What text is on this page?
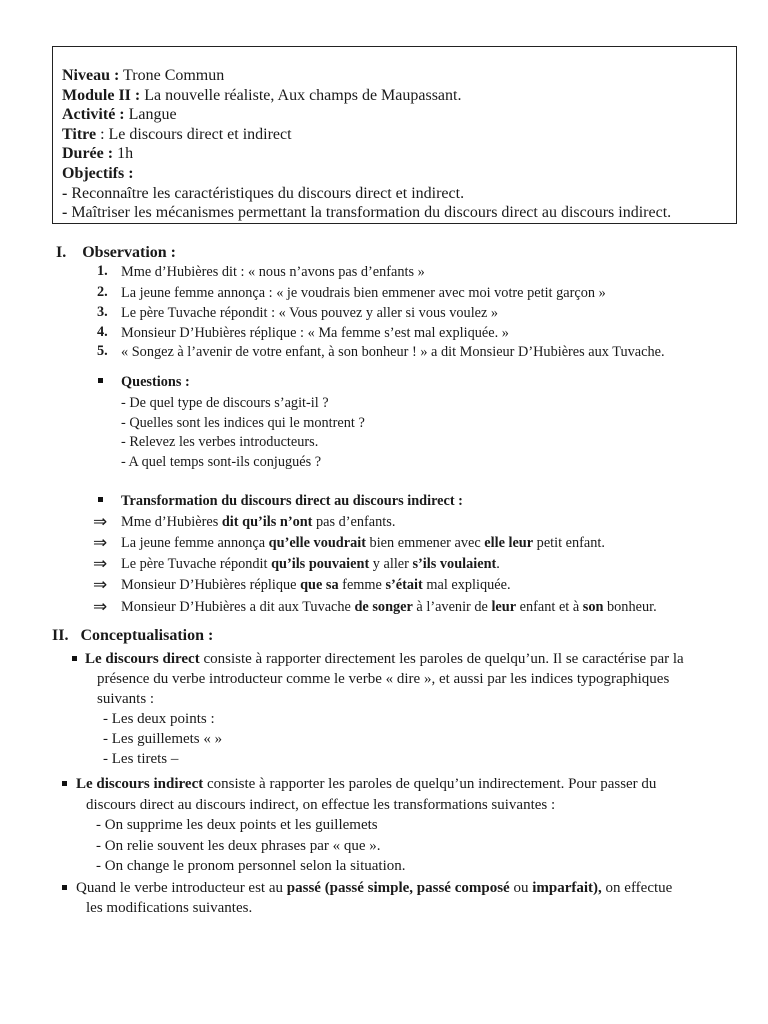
Niveau : Trone Commun
Module II : La nouvelle réaliste, Aux champs de Maupassant.
Activité : Langue
Titre : Le discours direct et indirect
Durée : 1h
Objectifs :
- Reconnaître les caractéristiques du discours direct et indirect.
- Maîtriser les mécanismes permettant la transformation du discours direct au discours indirect.
I. Observation :
1. Mme d’Hubières dit : « nous n’avons pas d’enfants »
2. La jeune femme annonça : « je voudrais bien emmener avec moi votre petit garçon »
3. Le père Tuvache répondit : « Vous pouvez y aller si vous voulez »
4. Monsieur D’Hubières réplique : « Ma femme s’est mal expliquée. »
5. « Songez à l’avenir de votre enfant, à son bonheur ! » a dit Monsieur D’Hubières aux Tuvache.
Questions :
- De quel type de discours s’agit-il ?
- Quelles sont les indices qui le montrent ?
- Relevez les verbes introducteurs.
- A quel temps sont-ils conjugués ?
Transformation du discours direct au discours indirect :
⇒ Mme d’Hubières dit qu’ils n’ont pas d’enfants.
⇒ La jeune femme annonça qu’elle voudrait bien emmener avec elle leur petit enfant.
⇒ Le père Tuvache répondit qu’ils pouvaient y aller s’ils voulaient.
⇒ Monsieur D’Hubières réplique que sa femme s’était mal expliquée.
⇒ Monsieur D’Hubières a dit aux Tuvache de songer à l’avenir de leur enfant et à son bonheur.
II. Conceptualisation :
Le discours direct consiste à rapporter directement les paroles de quelqu’un. Il se caractérise par la
présence du verbe introducteur comme le verbe « dire », et aussi par les indices typographiques
suivants :
- Les deux points :
- Les guillemets « »
- Les tirets –
Le discours indirect consiste à rapporter les paroles de quelqu’un indirectement. Pour passer du
discours direct au discours indirect, on effectue les transformations suivantes :
- On supprime les deux points et les guillemets
- On relie souvent les deux phrases par « que ».
- On change le pronom personnel selon la situation.
Quand le verbe introducteur est au passé (passé simple, passé composé ou imparfait), on effectue
les modifications suivantes.
